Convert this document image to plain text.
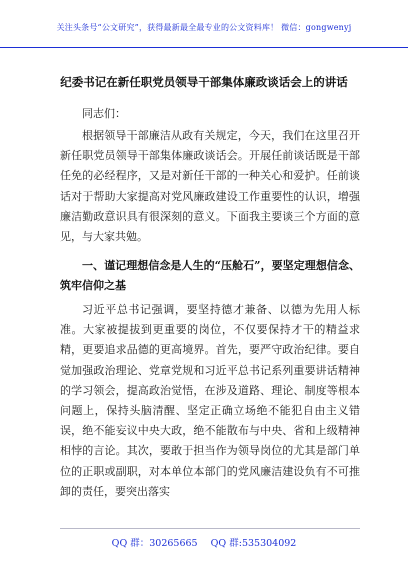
关注头条号“公文研究”，获得最新最全最专业的公文资料库！ 微信：gongwenyj
纪委书记在新任职党员领导干部集体廉政谈话会上的讲话
同志们：
根据领导干部廉洁从政有关规定，今天，我们在这里召开新任职党员领导干部集体廉政谈话会。开展任前谈话既是干部任免的必经程序，又是对新任干部的一种关心和爱护。任前谈话对于帮助大家提高对党风廉政建设工作重要性的认识，增强廉洁勤政意识具有很深刻的意义。下面我主要谈三个方面的意见，与大家共勉。
一、谨记理想信念是人生的“压舱石”，要坚定理想信念、筑牢信仰之基
习近平总书记强调，要坚持德才兼备、以德为先用人标准。大家被提拔到更重要的岗位，不仅要保持才干的精益求精，更要追求品德的更高境界。首先，要严守政治纪律。要自觉加强政治理论、党章党规和习近平总书记系列重要讲话精神的学习领会，提高政治觉悟，在涉及道路、理论、制度等根本问题上，保持头脑清醒、坚定正确立场绝不能犯自由主义错误，绝不能妄议中央大政，绝不能散布与中央、省和上级精神相悖的言论。其次，要敢于担当作为领导岗位的尤其是部门单位的正职或副职，对本单位本部门的党风廉洁建设负有不可推卸的责任，要突出落实
QQ 群：30265665 QQ 群:535304092
